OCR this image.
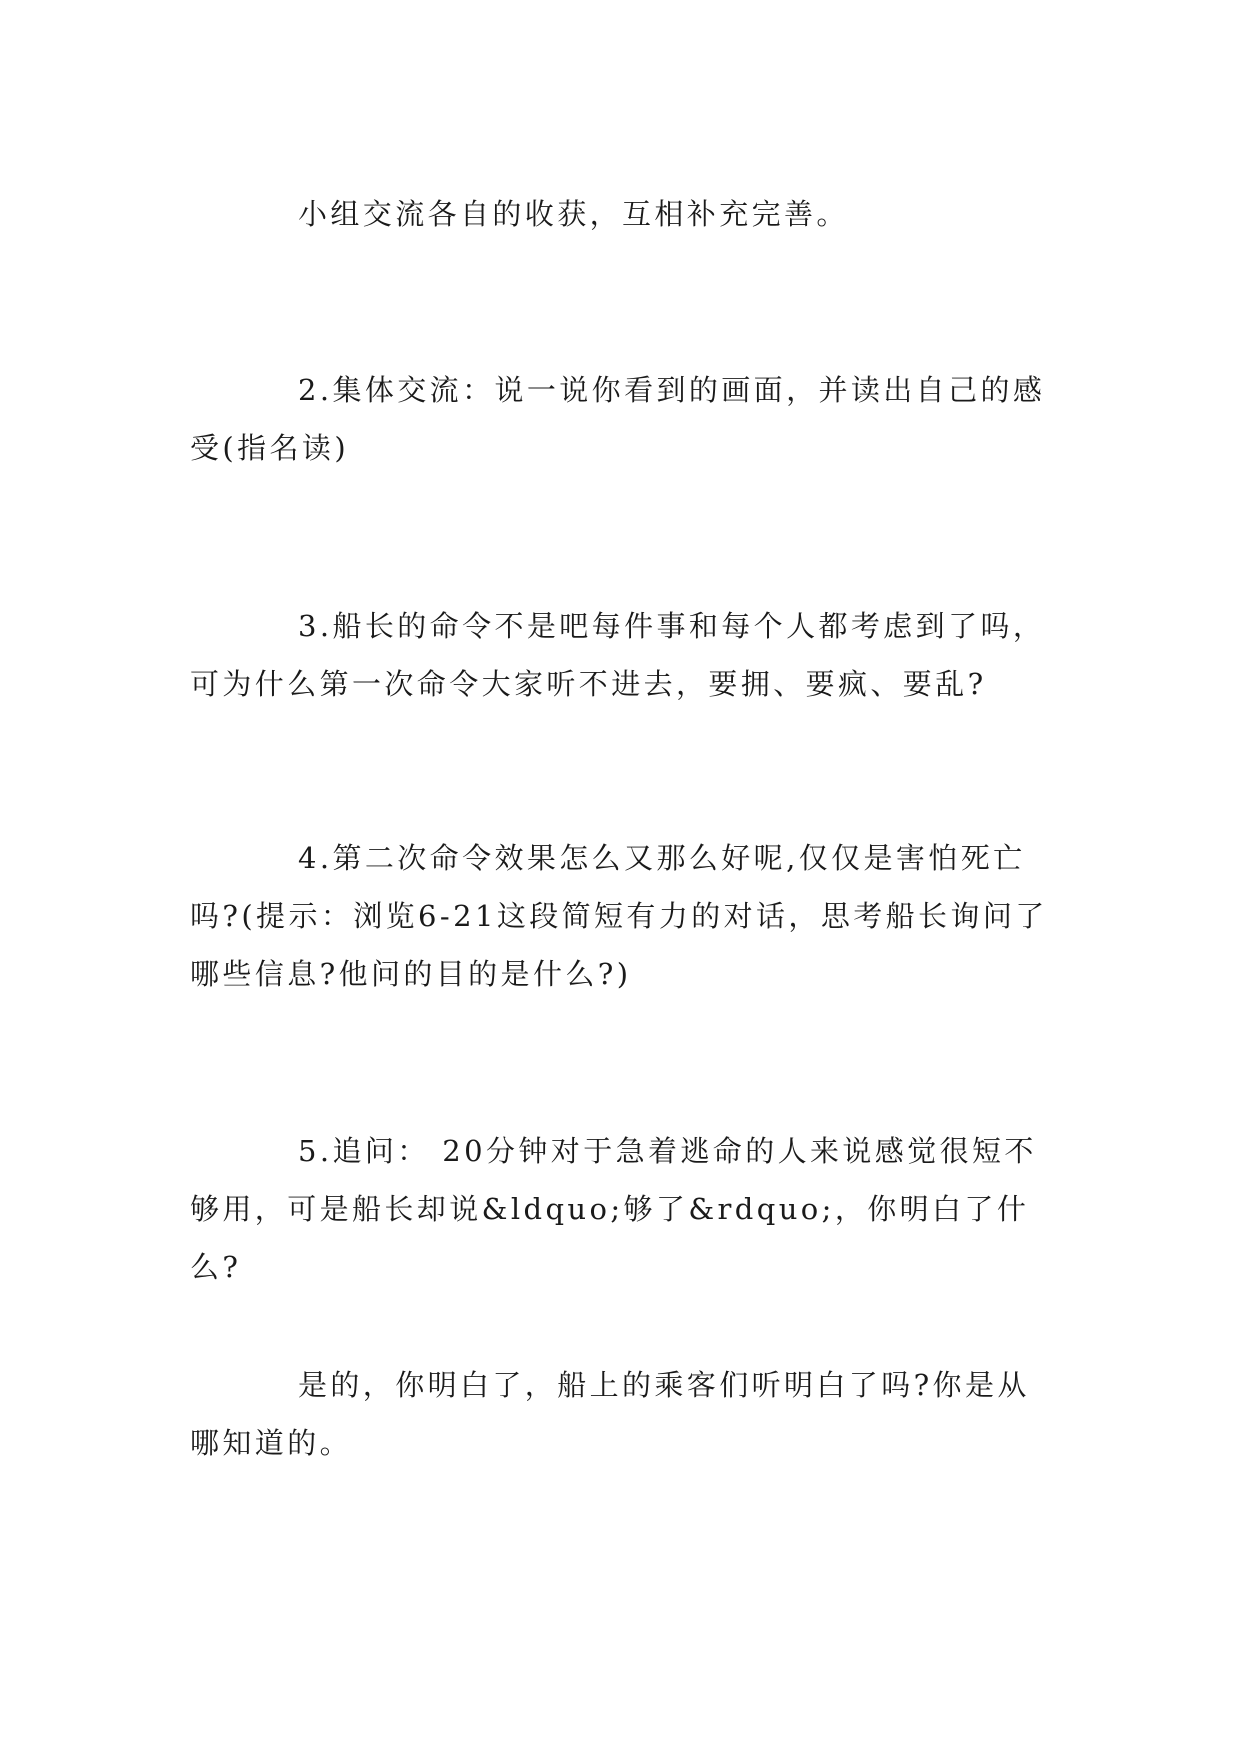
小组交流各自的收获，互相补充完善。

2.集体交流：说一说你看到的画面，并读出自己的感受(指名读)

3.船长的命令不是吧每件事和每个人都考虑到了吗，可为什么第一次命令大家听不进去，要拥、要疯、要乱?

4.第二次命令效果怎么又那么好呢,仅仅是害怕死亡吗?(提示：浏览6-21这段简短有力的对话，思考船长询问了哪些信息?他问的目的是什么?)

5.追问： 20分钟对于急着逃命的人来说感觉很短不够用，可是船长却说&ldquo;够了&rdquo;，你明白了什么?

是的，你明白了，船上的乘客们听明白了吗?你是从哪知道的。
